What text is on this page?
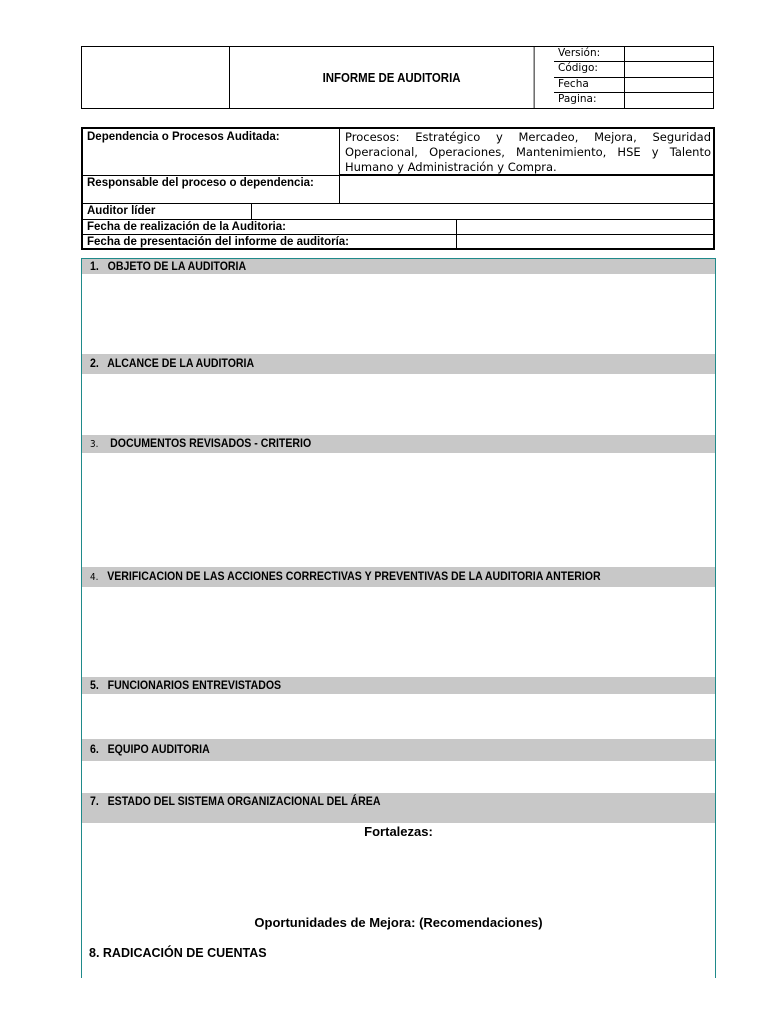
INFORME DE AUDITORIA
Versión:
Código:
Fecha
Pagina:
Dependencia o Procesos Auditada:	Procesos: Estratégico y Mercadeo, Mejora, Seguridad Operacional, Operaciones, Mantenimiento, HSE y Talento Humano y Administración y Compra.
Responsable del proceso o dependencia:
Auditor líder
Fecha de realización de la Auditoria:
Fecha de presentación del informe de auditoría:
1. OBJETO DE LA AUDITORIA
2. ALCANCE DE LA AUDITORIA
3. DOCUMENTOS REVISADOS - CRITERIO
4. VERIFICACION DE LAS ACCIONES CORRECTIVAS Y PREVENTIVAS DE LA AUDITORIA ANTERIOR
5. FUNCIONARIOS ENTREVISTADOS
6. EQUIPO AUDITORIA
7. ESTADO DEL SISTEMA ORGANIZACIONAL DEL ÁREA
Fortalezas:
Oportunidades de Mejora: (Recomendaciones)
8. RADICACIÓN DE CUENTAS
